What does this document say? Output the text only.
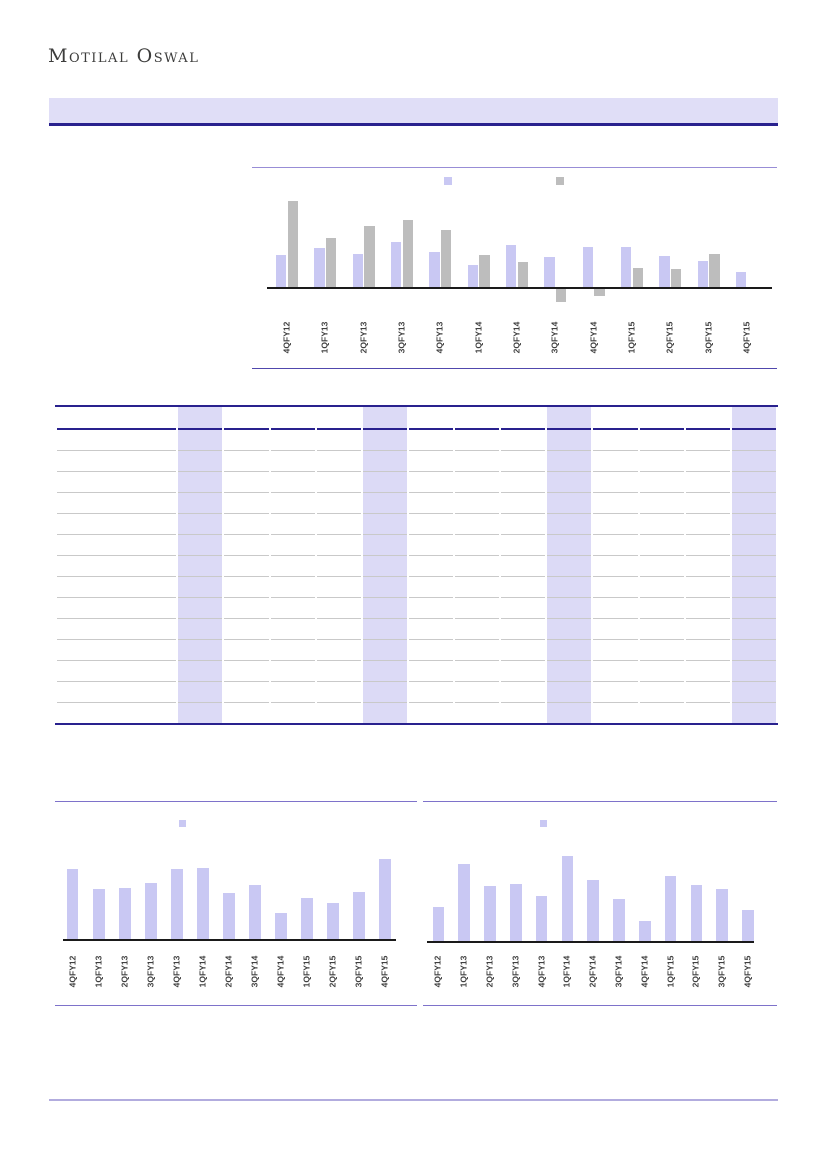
Motilal Oswal
4QFY12	1QFY13	2QFY13	3QFY13	4QFY13	1QFY14	2QFY14	3QFY14	4QFY14	1QFY15	2QFY15	3QFY15	4QFY15

4QFY12 1QFY13 2QFY13 3QFY13 4QFY13 1QFY14 2QFY14 3QFY14 4QFY14 1QFY15 2QFY15 3QFY15 4QFY15	4QFY12 1QFY13 2QFY13 3QFY13 4QFY13 1QFY14 2QFY14 3QFY14 4QFY14 1QFY15 2QFY15 3QFY15 4QFY15
